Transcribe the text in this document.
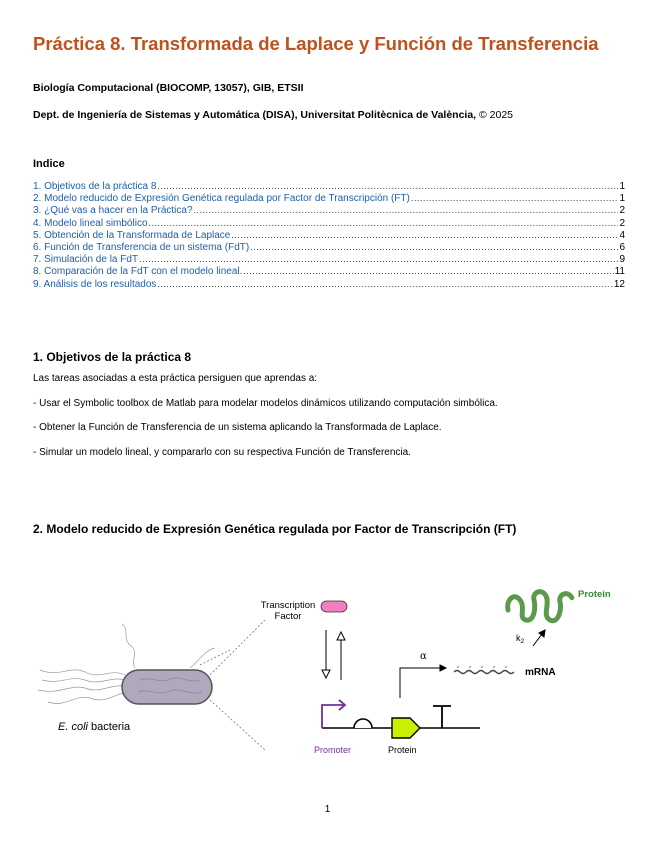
Práctica 8. Transformada de Laplace y Función de Transferencia

Biología Computacional (BIOCOMP, 13057), GIB, ETSII

Dept. de Ingeniería de Sistemas y Automática (DISA), Universitat Politècnica de València, © 2025

Indice

1. Objetivos de la práctica 8 .....	1
2. Modelo reducido de Expresión Genética regulada por Factor de Transcripción (FT) .....	1
3. ¿Qué vas a hacer en la Práctica? .....	2
4. Modelo lineal simbólico .....	2
5. Obtención de la Transformada de Laplace .....	4
6. Función de Transferencia de un sistema (FdT) .....	6
7. Simulación de la FdT .....	9
8. Comparación de la FdT con el modelo lineal. .....	11
9. Análisis de los resultados .....	12
1. Objetivos de la práctica 8

Las tareas asociadas a esta práctica persiguen que aprendas a:

- Usar el Symbolic toolbox de Matlab para modelar modelos dinámicos utilizando computación simbólica.

- Obtener la Función de Transferencia de un sistema aplicando la Transformada de Laplace.

- Simular un modelo lineal, y compararlo con su respectiva Función de Transferencia.

2. Modelo reducido de Expresión Genética regulada por Factor de Transcripción (FT)
E. coli bacteria
Transcription
Factor
α
mRNA
$k_2$
Protein
Promoter	Protein

1
